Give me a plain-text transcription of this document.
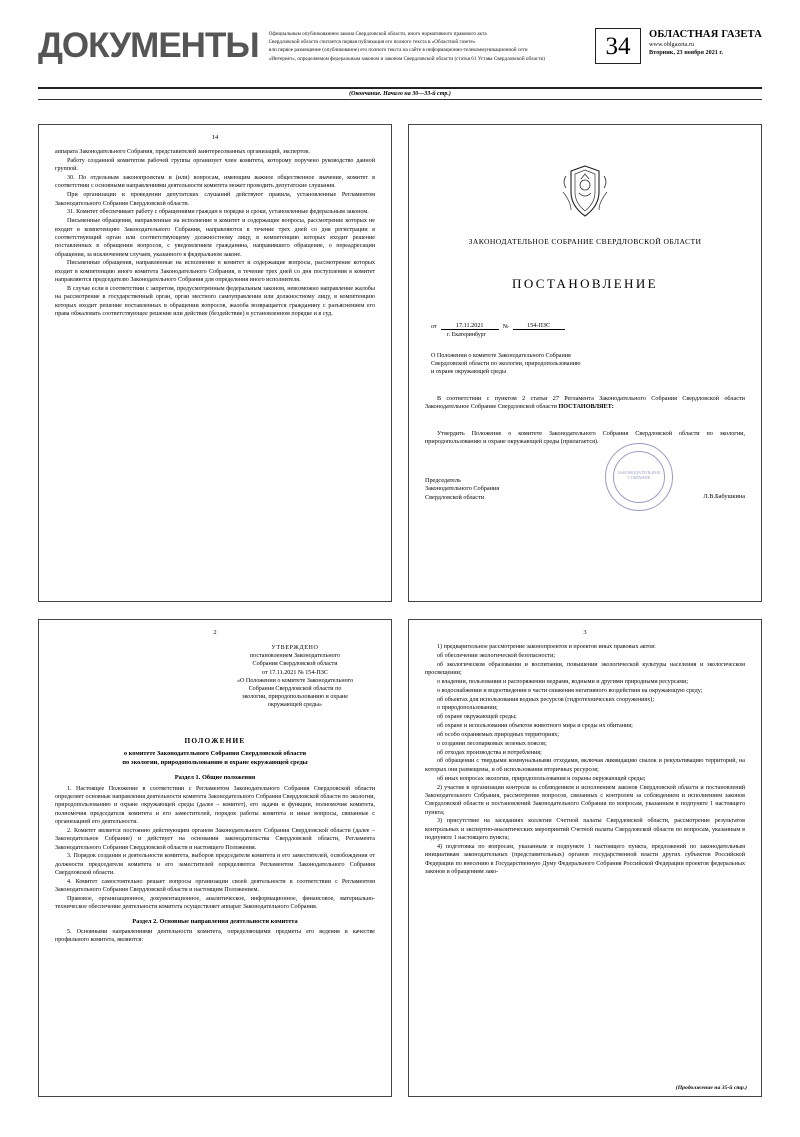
ДОКУМЕНТЫ Официальным опубликованием закона Свердловской области, иного нормативного правового акта
Свердловской области считается первая публикация его полного текста в «Областной газете»
или первое размещение (опубликование) его полного текста на сайте в информационно-телекоммуникационной сети
«Интернет», определяемом федеральным законом и законом Свердловской области (статья 61 Устава Свердловской области)	34	ОБЛАСТНАЯ ГАЗЕТА
www.oblgazeta.ru
Вторник, 23 ноября 2021 г.
(Окончание. Начало на 30—33-й стр.)
14

аппарата Законодательного Собрания, представителей заинтересованных организаций, экспертов.

Работу созданной комитетом рабочей группы организует член комитета, которому поручено руководство данной группой.

30. По отдельным законопроектам и (или) вопросам, имеющим важное общественное значение, комитет в соответствии с основными направлениями деятельности комитета может проводить депутатские слушания.

При организации и проведении депутатских слушаний действуют правила, установленные Регламентом Законодательного Собрания Свердловской области.

31. Комитет обеспечивает работу с обращениями граждан в порядке и сроки, установленные федеральным законом.

Письменные обращения, направленные на исполнение в комитет и содержащие вопросы, рассмотрение которых не входит в компетенцию Законодательного Собрания, направляются в течение трех дней со дня регистрации в соответствующий орган или соответствующему должностному лицу, в компетенцию которых входит решение поставленных в обращении вопросов, с уведомлением гражданина, направившего обращение, о переадресации обращения, за исключением случаев, указанного в федеральном законе.

Письменные обращения, направленные на исполнение в комитет и содержащие вопросы, рассмотрение которых входит в компетенцию иного комитета Законодательного Собрания, в течение трех дней со дня поступления в комитет направляются председателю Законодательного Собрания для определения иного исполнителя.

В случае если в соответствии с запретом, предусмотренным федеральным законом, невозможно направление жалобы на рассмотрение в государственный орган, орган местного самоуправления или должностному лицу, в компетенцию которых входит решение поставленных в обращении вопросов, жалоба возвращается гражданину с разъяснением его права обжаловать соответствующее решение или действие (бездействие) в установленном порядке и в суд.

ЗАКОНОДАТЕЛЬНОЕ СОБРАНИЕ СВЕРДЛОВСКОЙ ОБЛАСТИ
ПОСТАНОВЛЕНИЕ
от	17.11.2021	№	154-ПЗС
г. Екатеринбург
О Положении о комитете Законодательного Собрания Свердловской области по экологии, природопользованию и охране окружающей среды
В соответствии с пунктом 2 статьи 27 Регламента Законодательного Собрания Свердловской области Законодательное Собрание Свердловской области ПОСТАНОВЛЯЕТ:
Утвердить Положение о комитете Законодательного Собрания Свердловской области по экологии, природопользованию и охране окружающей среды (прилагается).
Председатель
Законодательного Собрания
Свердловской области	Л.В.Бабушкина
ЗАКОНОДАТЕЛЬНОЕ СОБРАНИЕ
2
УТВЕРЖДЕНО
постановлением Законодательного
Собрания Свердловской области
от 17.11.2021 № 154-ПЗС
«О Положении о комитете Законодательного
Собрания Свердловской области по
экологии, природопользованию и охране
окружающей среды»
ПОЛОЖЕНИЕ
о комитете Законодательного Собрания Свердловской области
по экологии, природопользованию и охране окружающей среды
Раздел 1. Общие положения

1. Настоящее Положение в соответствии с Регламентом Законодательного Собрания Свердловской области определяет основные направления деятельности комитета Законодательного Собрания Свердловской области по экологии, природопользованию и охране окружающей среды (далее – комитет), его задачи и функции, полномочия комитета, полномочия председателя комитета и его заместителей, порядок работы комитета и иные вопросы, связанные с организацией его деятельности.

2. Комитет является постоянно действующим органом Законодательного Собрания Свердловской области (далее – Законодательное Собрание) и действует на основании законодательства Свердловской области, Регламента Законодательного Собрания Свердловской области и настоящего Положения.

3. Порядок создания и деятельности комитета, выборов председателя комитета и его заместителей, освобождения от должности председателя комитета и его заместителей определяются Регламентом Законодательного Собрания Свердловской области.

4. Комитет самостоятельно решает вопросы организации своей деятельности в соответствии с Регламентом Законодательного Собрания Свердловской области и настоящим Положением.

Правовое, организационное, документационное, аналитическое, информационное, финансовое, материально-техническое обеспечение деятельности комитета осуществляет аппарат Законодательного Собрания.

Раздел 2. Основные направления деятельности комитета

5. Основными направлениями деятельности комитета, определяющими предметы его ведения в качестве профильного комитета, являются:

3

1) предварительное рассмотрение законопроектов и проектов иных правовых актов:

об обеспечении экологической безопасности;

об экологическом образовании и воспитании, повышении экологической культуры населения и экологическом просвещении;

о владении, пользовании и распоряжении недрами, водными и другими природными ресурсами;

о водоснабжении и водоотведении в части снижения негативного воздействия на окружающую среду;

об объектах для использования водных ресурсов (гидротехнических сооружениях);

о природопользовании;

об охране окружающей среды;

об охране и использовании объектов животного мира и среды их обитания;

об особо охраняемых природных территориях;

о создании лесопарковых зеленых поясов;

об отходах производства и потребления;

об обращении с твердыми коммунальными отходами, включая ликвидацию свалок и рекультивацию территорий, на которых они размещены, и об использовании вторичных ресурсов;

об иных вопросах экологии, природопользования и охраны окружающей среды;

2) участие в организации контроля за соблюдением и исполнением законов Свердловской области и постановлений Законодательного Собрания, рассмотрение вопросов, связанных с контролем за соблюдением и исполнением законов Свердловской области и постановлений Законодательного Собрания по вопросам, указанным в подпункте 1 настоящего пункта;

3) присутствие на заседаниях коллегии Счетной палаты Свердловской области, рассмотрение результатов контрольных и экспертно-аналитических мероприятий Счетной палаты Свердловской области по вопросам, указанным в подпункте 1 настоящего пункта;

4) подготовка по вопросам, указанным в подпункте 1 настоящего пункта, предложений по законодательным инициативам законодательных (представительных) органов государственной власти других субъектов Российской Федерации по внесению в Государственную Думу Федерального Собрания Российской Федерации проектов федеральных законов и обращениям зако-

(Продолжение на 35-й стр.)
